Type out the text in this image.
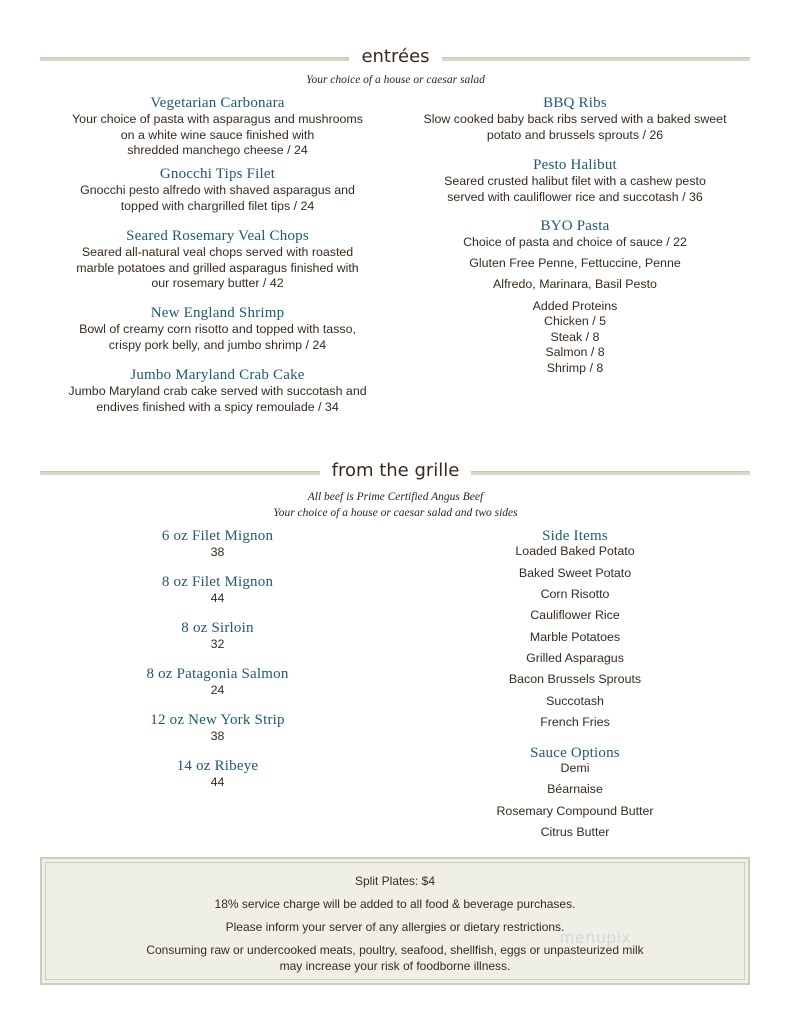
entrées
Your choice of a house or caesar salad
Vegetarian Carbonara
Your choice of pasta with asparagus and mushrooms
on a white wine sauce finished with
shredded manchego cheese / 24
Gnocchi Tips Filet
Gnocchi pesto alfredo with shaved asparagus and
topped with chargrilled filet tips / 24
Seared Rosemary Veal Chops
Seared all-natural veal chops served with roasted
marble potatoes and grilled asparagus finished with
our rosemary butter / 42
New England Shrimp
Bowl of creamy corn risotto and topped with tasso,
crispy pork belly, and jumbo shrimp / 24
Jumbo Maryland Crab Cake
Jumbo Maryland crab cake served with succotash and
endives finished with a spicy remoulade / 34
BBQ Ribs
Slow cooked baby back ribs served with a baked sweet
potato and brussels sprouts / 26
Pesto Halibut
Seared crusted halibut filet with a cashew pesto
served with cauliflower rice and succotash / 36
BYO Pasta
Choice of pasta and choice of sauce / 22
Gluten Free Penne, Fettuccine, Penne
Alfredo, Marinara, Basil Pesto
Added Proteins
Chicken / 5
Steak / 8
Salmon / 8
Shrimp / 8
from the grille
All beef is Prime Certified Angus Beef
Your choice of a house or caesar salad and two sides
6 oz Filet Mignon
38
8 oz Filet Mignon
44
8 oz Sirloin
32
8 oz Patagonia Salmon
24
12 oz New York Strip
38
14 oz Ribeye
44
Side Items
Loaded Baked Potato
Baked Sweet Potato
Corn Risotto
Cauliflower Rice
Marble Potatoes
Grilled Asparagus
Bacon Brussels Sprouts
Succotash
French Fries
Sauce Options
Demi
Béarnaise
Rosemary Compound Butter
Citrus Butter
Split Plates: $4
18% service charge will be added to all food & beverage purchases.
Please inform your server of any allergies or dietary restrictions.
Consuming raw or undercooked meats, poultry, seafood, shellfish, eggs or unpasteurized milk
may increase your risk of foodborne illness.
menupix
